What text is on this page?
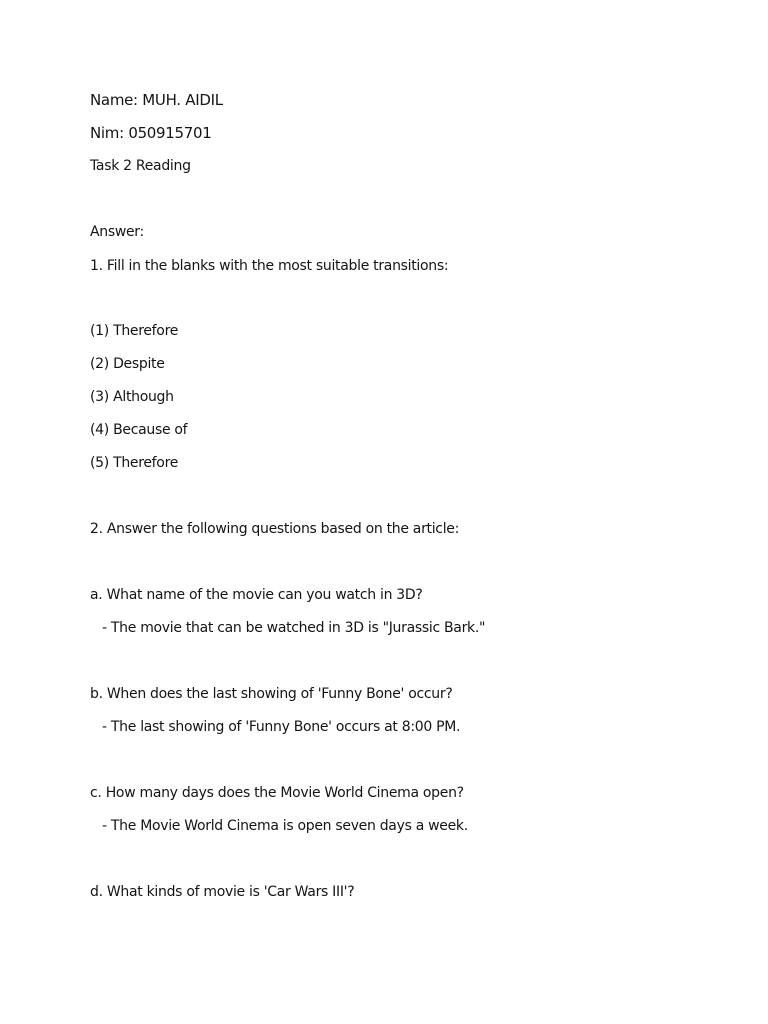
Name: MUH. AIDIL
Nim: 050915701
Task 2 Reading
Answer:
1. Fill in the blanks with the most suitable transitions:
(1) Therefore
(2) Despite
(3) Although
(4) Because of
(5) Therefore
2. Answer the following questions based on the article:
a. What name of the movie can you watch in 3D?
- The movie that can be watched in 3D is "Jurassic Bark."
b. When does the last showing of 'Funny Bone' occur?
- The last showing of 'Funny Bone' occurs at 8:00 PM.
c. How many days does the Movie World Cinema open?
- The Movie World Cinema is open seven days a week.
d. What kinds of movie is 'Car Wars III'?
